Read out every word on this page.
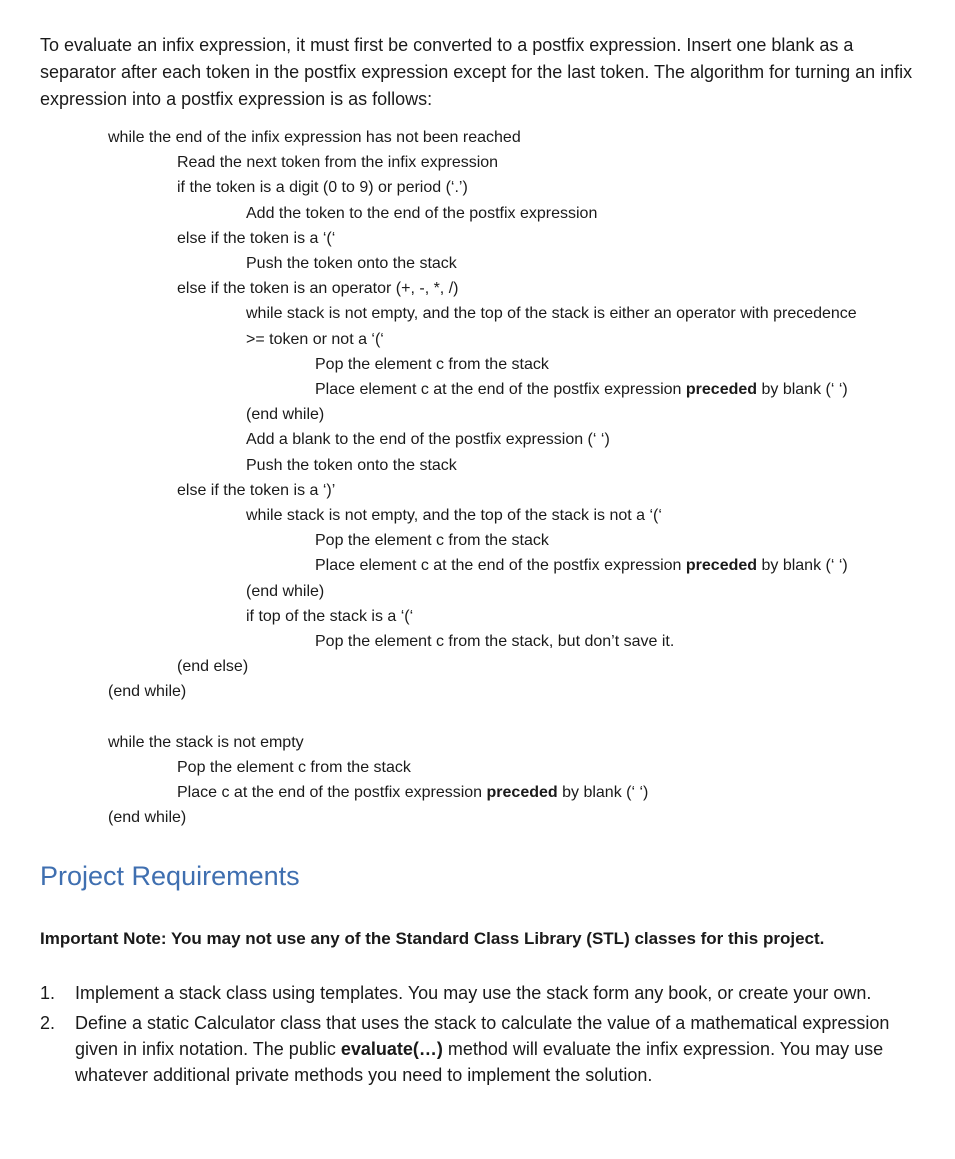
To evaluate an infix expression, it must first be converted to a postfix expression. Insert one blank as a separator after each token in the postfix expression except for the last token. The algorithm for turning an infix expression into a postfix expression is as follows:

while the end of the infix expression has not been reached
Read the next token from the infix expression
if the token is a digit (0 to 9) or period (‘.’)
Add the token to the end of the postfix expression
else if the token is a ‘(‘
Push the token onto the stack
else if the token is an operator (+, -, *, /)
while stack is not empty, and the top of the stack is either an operator with precedence
>= token or not a ‘(‘
Pop the element c from the stack
Place element c at the end of the postfix expression preceded by blank (‘ ‘)
(end while)
Add a blank to the end of the postfix expression (‘ ‘)
Push the token onto the stack
else if the token is a ‘)’
while stack is not empty, and the top of the stack is not a ‘(‘
Pop the element c from the stack
Place element c at the end of the postfix expression preceded by blank (‘ ‘)
(end while)
if top of the stack is a ‘(‘
Pop the element c from the stack, but don’t save it.
(end else)
(end while)
while the stack is not empty
Pop the element c from the stack
Place c at the end of the postfix expression preceded by blank (‘ ‘)
(end while)
Project Requirements

Important Note: You may not use any of the Standard Class Library (STL) classes for this project.

1. Implement a stack class using templates. You may use the stack form any book, or create your own.
2. Define a static Calculator class that uses the stack to calculate the value of a mathematical expression given in infix notation. The public evaluate(…) method will evaluate the infix expression. You may use whatever additional private methods you need to implement the solution.
